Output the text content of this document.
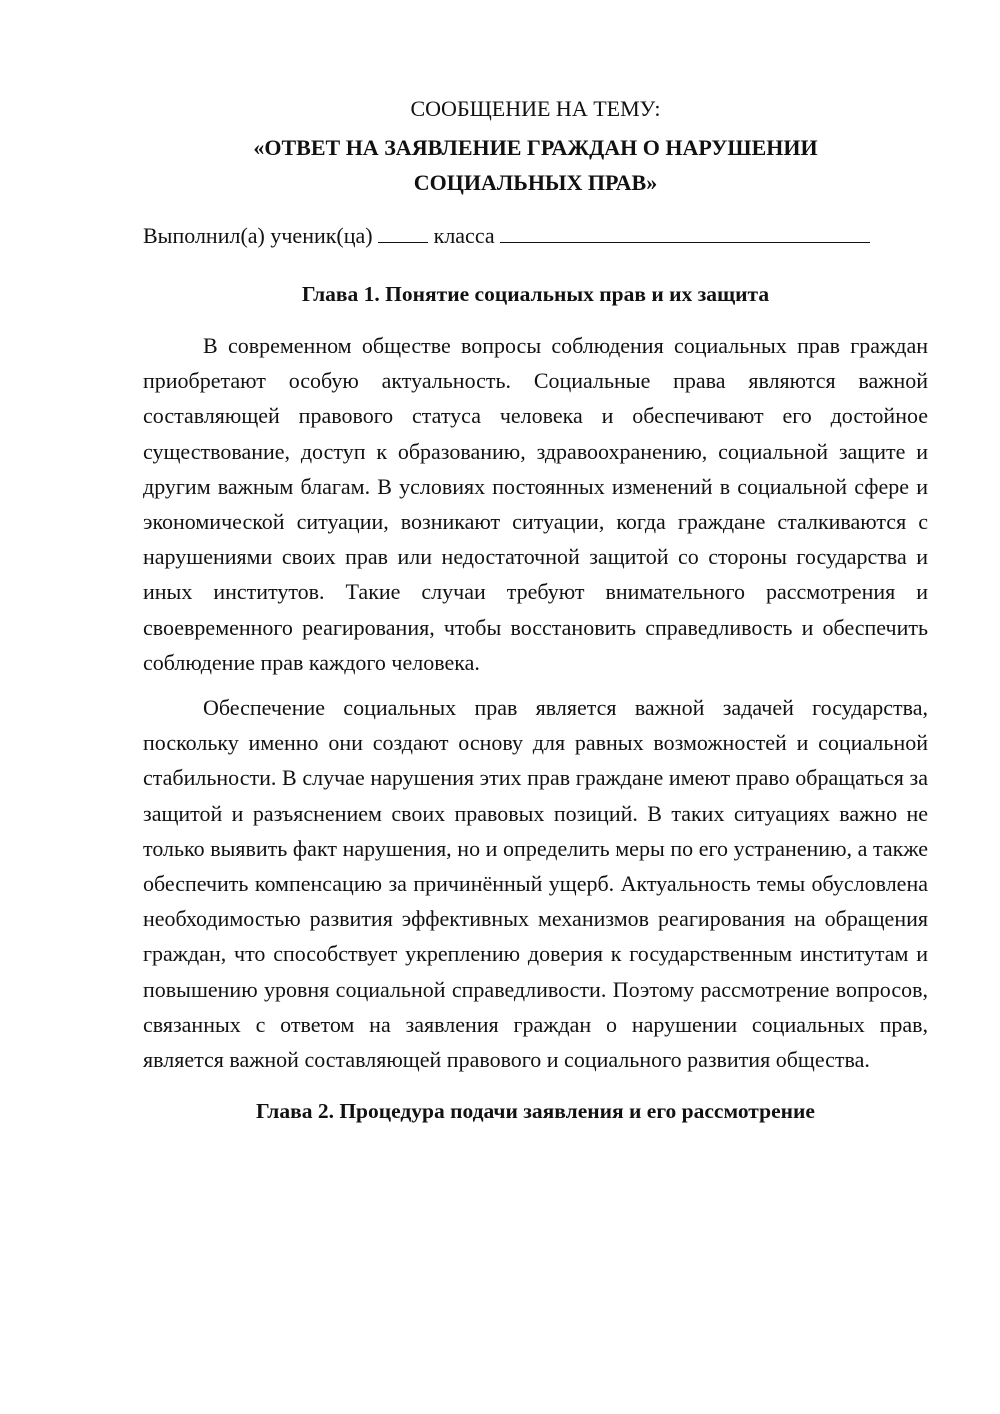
СООБЩЕНИЕ НА ТЕМУ:
«ОТВЕТ НА ЗАЯВЛЕНИЕ ГРАЖДАН О НАРУШЕНИИ СОЦИАЛЬНЫХ ПРАВ»
Выполнил(а) ученик(ца)	класса
Глава 1. Понятие социальных прав и их защита

В современном обществе вопросы соблюдения социальных прав граждан приобретают особую актуальность. Социальные права являются важной составляющей правового статуса человека и обеспечивают его достойное существование, доступ к образованию, здравоохранению, социальной защите и другим важным благам. В условиях постоянных изменений в социальной сфере и экономической ситуации, возникают ситуации, когда граждане сталкиваются с нарушениями своих прав или недостаточной защитой со стороны государства и иных институтов. Такие случаи требуют внимательного рассмотрения и своевременного реагирования, чтобы восстановить справедливость и обеспечить соблюдение прав каждого человека.

Обеспечение социальных прав является важной задачей государства, поскольку именно они создают основу для равных возможностей и социальной стабильности. В случае нарушения этих прав граждане имеют право обращаться за защитой и разъяснением своих правовых позиций. В таких ситуациях важно не только выявить факт нарушения, но и определить меры по его устранению, а также обеспечить компенсацию за причинённый ущерб. Актуальность темы обусловлена необходимостью развития эффективных механизмов реагирования на обращения граждан, что способствует укреплению доверия к государственным институтам и повышению уровня социальной справедливости. Поэтому рассмотрение вопросов, связанных с ответом на заявления граждан о нарушении социальных прав, является важной составляющей правового и социального развития общества.

Глава 2. Процедура подачи заявления и его рассмотрение
